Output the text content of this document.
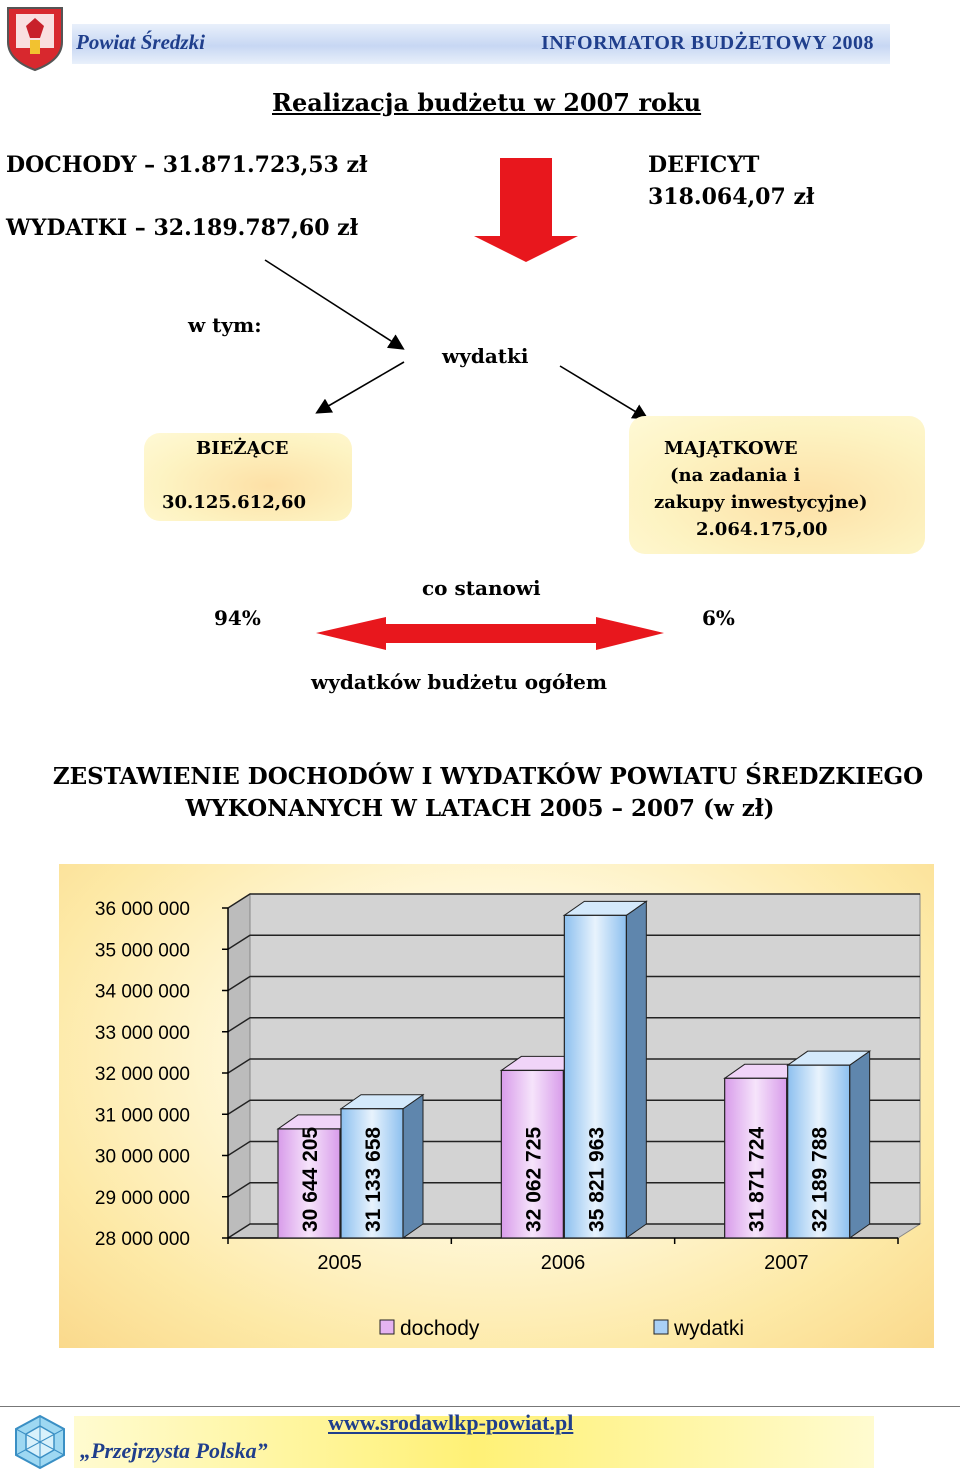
Powiat Średzki	INFORMATOR BUDŻETOWY 2008
Realizacja budżetu w 2007 roku
DOCHODY – 31.871.723,53 zł
WYDATKI – 32.189.787,60 zł
DEFICYT
318.064,07 zł
w tym:
wydatki
BIEŻĄCE
30.125.612,60
MAJĄTKOWE
(na zadania i
zakupy inwestycyjne)
2.064.175,00
co stanowi
94%	6%
wydatków budżetu ogółem
ZESTAWIENIE DOCHODÓW I WYDATKÓW POWIATU ŚREDZKIEGO
WYKONANYCH W LATACH 2005 – 2007 (w zł)
36 000 000
35 000 000
34 000 000
33 000 000
32 000 000
31 000 000
30 000 000
29 000 000
28 000 000
30 644 205 31 133 658
2005
32 062 725 35 821 963
2006
31 871 724 32 189 788
2007
dochody	wydatki
„Przejrzysta Polska”
www.srodawlkp-powiat.pl
